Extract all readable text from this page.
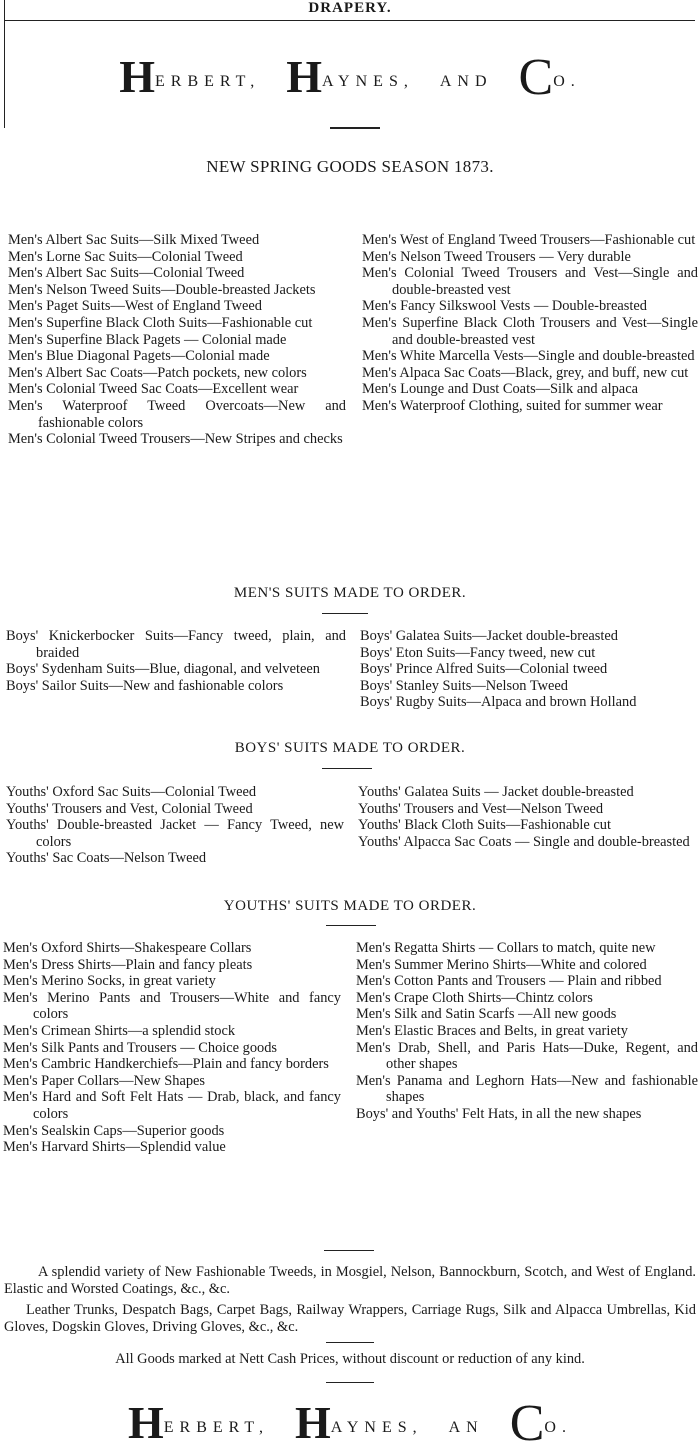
DRAPERY.
HERBERT, HAYNES, AND CO.
NEW SPRING GOODS SEASON 1873.
Men's Albert Sac Suits—Silk Mixed Tweed
Men's Lorne Sac Suits—Colonial Tweed
Men's Albert Sac Suits—Colonial Tweed
Men's Nelson Tweed Suits—Double-breasted Jackets
Men's Paget Suits—West of England Tweed
Men's Superfine Black Cloth Suits—Fashionable cut
Men's Superfine Black Pagets — Colonial made
Men's Blue Diagonal Pagets—Colonial made
Men's Albert Sac Coats—Patch pockets, new colors
Men's Colonial Tweed Sac Coats—Excellent wear
Men's Waterproof Tweed Overcoats—New and fashionable colors
Men's Colonial Tweed Trousers—New Stripes and checks
Men's West of England Tweed Trousers—Fashionable cut
Men's Nelson Tweed Trousers — Very durable
Men's Colonial Tweed Trousers and Vest—Single and double-breasted vest
Men's Fancy Silkswool Vests — Double-breasted
Men's Superfine Black Cloth Trousers and Vest—Single and double-breasted vest
Men's White Marcella Vests—Single and double-breasted
Men's Alpaca Sac Coats—Black, grey, and buff, new cut
Men's Lounge and Dust Coats—Silk and alpaca
Men's Waterproof Clothing, suited for summer wear
MEN'S SUITS MADE TO ORDER.
Boys' Knickerbocker Suits—Fancy tweed, plain, and braided
Boys' Sydenham Suits—Blue, diagonal, and velveteen
Boys' Sailor Suits—New and fashionable colors
Boys' Galatea Suits—Jacket double-breasted
Boys' Eton Suits—Fancy tweed, new cut
Boys' Prince Alfred Suits—Colonial tweed
Boys' Stanley Suits—Nelson Tweed
Boys' Rugby Suits—Alpaca and brown Holland
BOYS' SUITS MADE TO ORDER.
Youths' Oxford Sac Suits—Colonial Tweed
Youths' Trousers and Vest, Colonial Tweed
Youths' Double-breasted Jacket — Fancy Tweed, new colors
Youths' Sac Coats—Nelson Tweed
Youths' Galatea Suits — Jacket double-breasted
Youths' Trousers and Vest—Nelson Tweed
Youths' Black Cloth Suits—Fashionable cut
Youths' Alpacca Sac Coats — Single and double-breasted
YOUTHS' SUITS MADE TO ORDER.
Men's Oxford Shirts—Shakespeare Collars
Men's Dress Shirts—Plain and fancy pleats
Men's Merino Socks, in great variety
Men's Merino Pants and Trousers—White and fancy colors
Men's Crimean Shirts—a splendid stock
Men's Silk Pants and Trousers — Choice goods
Men's Cambric Handkerchiefs—Plain and fancy borders
Men's Paper Collars—New Shapes
Men's Hard and Soft Felt Hats — Drab, black, and fancy colors
Men's Sealskin Caps—Superior goods
Men's Harvard Shirts—Splendid value
Men's Regatta Shirts — Collars to match, quite new
Men's Summer Merino Shirts—White and colored
Men's Cotton Pants and Trousers — Plain and ribbed
Men's Crape Cloth Shirts—Chintz colors
Men's Silk and Satin Scarfs —All new goods
Men's Elastic Braces and Belts, in great variety
Men's Drab, Shell, and Paris Hats—Duke, Regent, and other shapes
Men's Panama and Leghorn Hats—New and fashionable shapes
Boys' and Youths' Felt Hats, in all the new shapes

A splendid variety of New Fashionable Tweeds, in Mosgiel, Nelson, Bannockburn, Scotch, and West of England. Elastic and Worsted Coatings, &c., &c.

Leather Trunks, Despatch Bags, Carpet Bags, Railway Wrappers, Carriage Rugs, Silk and Alpacca Umbrellas, Kid Gloves, Dogskin Gloves, Driving Gloves, &c., &c.

All Goods marked at Nett Cash Prices, without discount or reduction of any kind.

HERBERT, HAYNES, AN CO.
